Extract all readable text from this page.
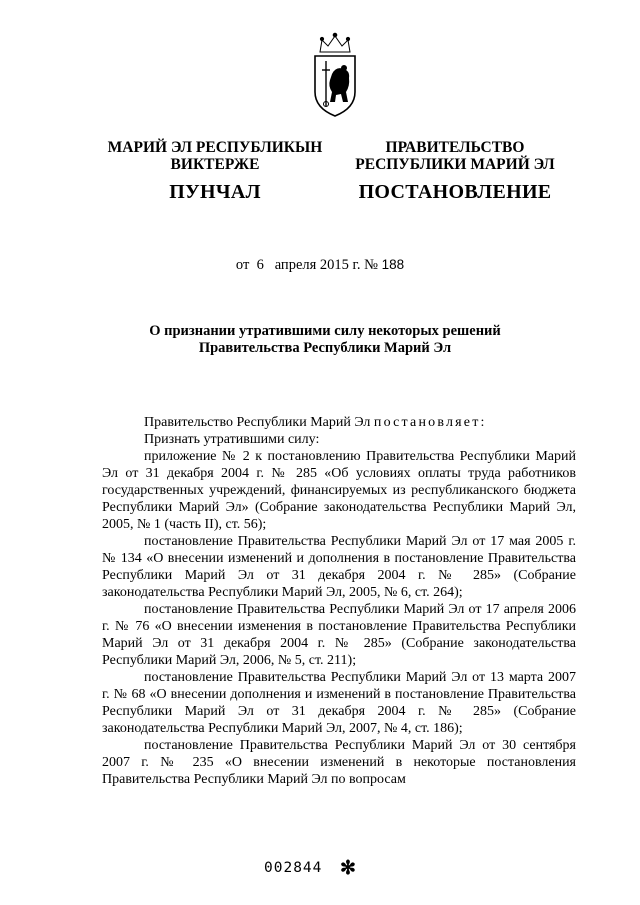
МАРИЙ ЭЛ РЕСПУБЛИКЫН
ВИКТЕРЖЕ
ПУНЧАЛ
ПРАВИТЕЛЬСТВО
РЕСПУБЛИКИ МАРИЙ ЭЛ
ПОСТАНОВЛЕНИЕ
от 6 апреля 2015 г. № 188
О признании утратившими силу некоторых решений
Правительства Республики Марий Эл

Правительство Республики Марий Эл постановляет:

Признать утратившими силу:

приложение № 2 к постановлению Правительства Республики Марий Эл от 31 декабря 2004 г. № 285 «Об условиях оплаты труда работников государственных учреждений, финансируемых из республиканского бюджета Республики Марий Эл» (Собрание законодательства Республики Марий Эл, 2005, № 1 (часть II), ст. 56);

постановление Правительства Республики Марий Эл от 17 мая 2005 г. № 134 «О внесении изменений и дополнения в постановление Правительства Республики Марий Эл от 31 декабря 2004 г. № 285» (Собрание законодательства Республики Марий Эл, 2005, № 6, ст. 264);

постановление Правительства Республики Марий Эл от 17 апреля 2006 г. № 76 «О внесении изменения в постановление Правительства Республики Марий Эл от 31 декабря 2004 г. № 285» (Собрание законодательства Республики Марий Эл, 2006, № 5, ст. 211);

постановление Правительства Республики Марий Эл от 13 марта 2007 г. № 68 «О внесении дополнения и изменений в постановление Правительства Республики Марий Эл от 31 декабря 2004 г. № 285» (Собрание законодательства Республики Марий Эл, 2007, № 4, ст. 186);

постановление Правительства Республики Марий Эл от 30 сентября 2007 г. № 235 «О внесении изменений в некоторые постановления Правительства Республики Марий Эл по вопросам

002844 ✻
